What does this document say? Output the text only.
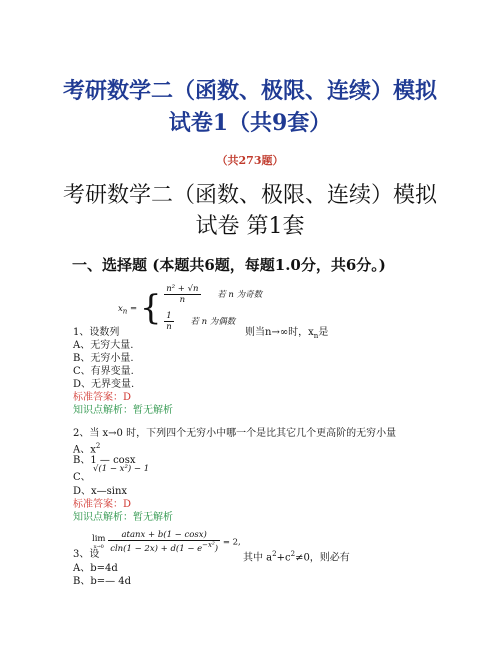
考研数学二（函数、极限、连续）模拟
试卷1（共9套）
（共273题）
考研数学二（函数、极限、连续）模拟
试卷 第1套
一、选择题 (本题共6题，每题1.0分，共6分。)
$x_n$ = { $\frac{\text{n² + √n}}{n}$ 若 n 为奇数
$\frac{1}{n}$ 若 n 为偶数
1、设数列	则当n→∞时，$x_n$是
A、无穷大量.
B、无穷小量.
C、有界变量.
D、无界变量.
标准答案：D
知识点解析：暂无解析
2、当 x→0 时，下列四个无穷小中哪一个是比其它几个更高阶的无穷小量
A、$x^2$
B、1 — cosx
C、
√(1 − x²) − 1
D、x—sinx
标准答案：D
知识点解析：暂无解析
lim
x→0
$\frac{atanx + b(1 - \cos x)}{cln(1 - 2x) + d(1 - e^{-x^2})} = 2$,
3、设	其中 $a^2+c^2\ne 0$，则必有
A、b=4d
B、b=— 4d
